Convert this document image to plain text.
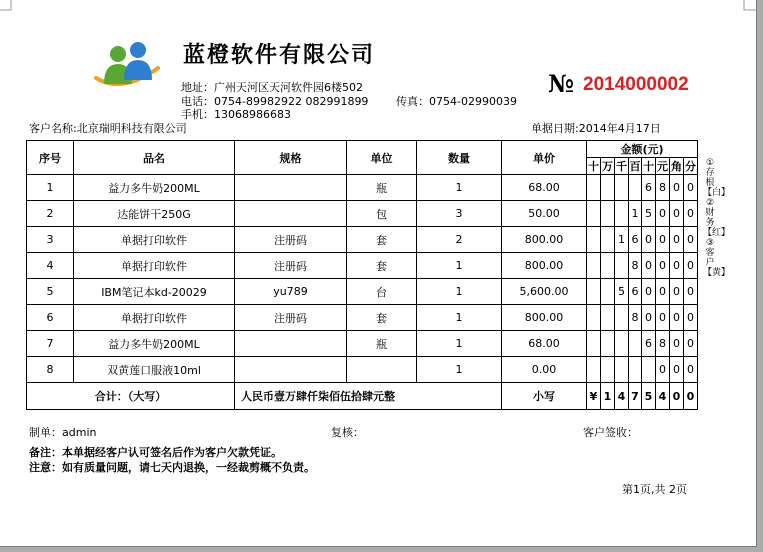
蓝橙软件有限公司
地址：广州天河区天河软件园6楼502
电话：0754-89982922 082991899	传真：0754-02990039
手机：13068986683
№ 2014000002
客户名称:北京瑞明科技有限公司	单据日期:2014年4月17日
序号	品名	规格	单位	数量	单价	金额(元)							
						十	万	千	百	十	元	角	分
1	益力多牛奶200ML		瓶	1	68.00					6	8	0	0
2	达能饼干250G		包	3	50.00				1	5	0	0	0
3	单据打印软件	注册码	套	2	800.00			1	6	0	0	0	0
4	单据打印软件	注册码	套	1	800.00				8	0	0	0	0
5	IBM笔记本kd-20029	yu789	台	1	5,600.00			5	6	0	0	0	0
6	单据打印软件	注册码	套	1	800.00				8	0	0	0	0
7	益力多牛奶200ML		瓶	1	68.00					6	8	0	0
8	双黄莲口服液10ml			1	0.00						0	0	0
合计：（大写）		人民币壹万肆仟柒佰伍拾肆元整			小写	¥	1	4	7	5	4	0	0
①存根【白】②财务【红】③客户【黄】
制单：admin	复核：	客户签收：
备注：本单据经客户认可签名后作为客户欠款凭证。
注意：如有质量问题，请七天内退换，一经裁剪概不负责。
第1页,共 2页
